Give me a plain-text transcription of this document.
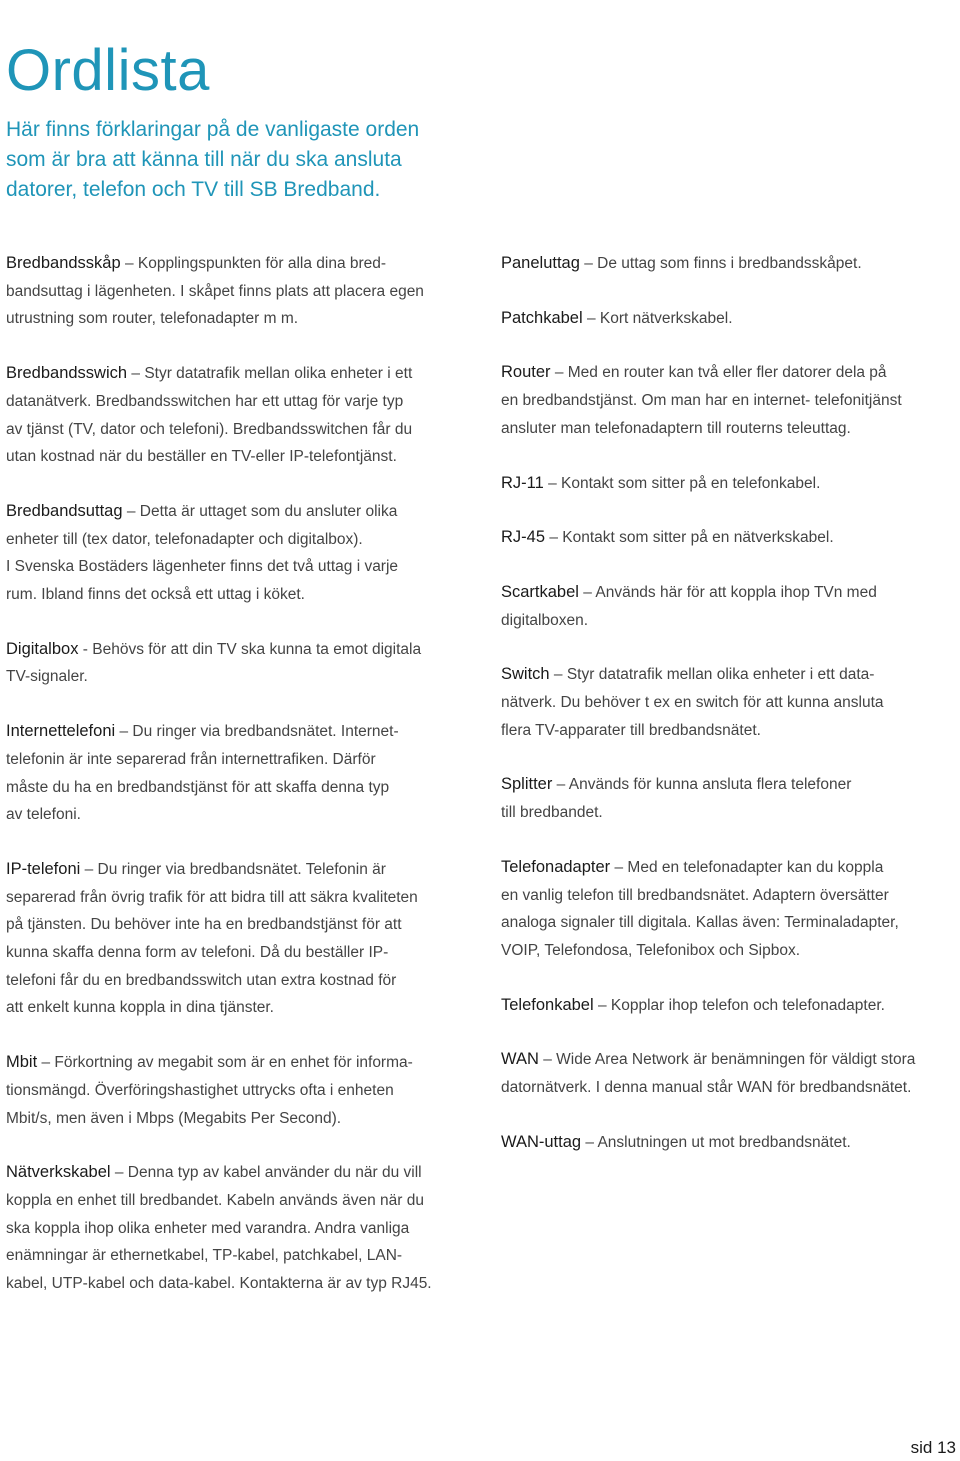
Ordlista
Här finns förklaringar på de vanligaste orden
som är bra att känna till när du ska ansluta
datorer, telefon och TV till SB Bredband.
Bredbandsskåp – Kopplingspunkten för alla dina bred-
bandsuttag i lägenheten. I skåpet finns plats att placera egen
utrustning som router, telefonadapter m m.
Bredbandsswich – Styr datatrafik mellan olika enheter i ett
datanätverk. Bredbandsswitchen har ett uttag för varje typ
av tjänst (TV, dator och telefoni). Bredbandsswitchen får du
utan kostnad när du beställer en TV-eller IP-telefontjänst.
Bredbandsuttag – Detta är uttaget som du ansluter olika
enheter till (tex dator, telefonadapter och digitalbox).
I Svenska Bostäders lägenheter finns det två uttag i varje
rum. Ibland finns det också ett uttag i köket.
Digitalbox - Behövs för att din TV ska kunna ta emot digitala
TV-signaler.
Internettelefoni – Du ringer via bredbandsnätet. Internet-
telefonin är inte separerad från internettrafiken. Därför
måste du ha en bredbandstjänst för att skaffa denna typ
av telefoni.
IP-telefoni – Du ringer via bredbandsnätet. Telefonin är
separerad från övrig trafik för att bidra till att säkra kvaliteten
på tjänsten. Du behöver inte ha en bredbandstjänst för att
kunna skaffa denna form av telefoni. Då du beställer IP-
telefoni får du en bredbandsswitch utan extra kostnad för
att enkelt kunna koppla in dina tjänster.
Mbit – Förkortning av megabit som är en enhet för informa-
tionsmängd. Överföringshastighet uttrycks ofta i enheten
Mbit/s, men även i Mbps (Megabits Per Second).
Nätverkskabel – Denna typ av kabel använder du när du vill
koppla en enhet till bredbandet. Kabeln används även när du
ska koppla ihop olika enheter med varandra. Andra vanliga
enämningar är ethernetkabel, TP-kabel, patchkabel, LAN-
kabel, UTP-kabel och data-kabel. Kontakterna är av typ RJ45.
Paneluttag – De uttag som finns i bredbandsskåpet.
Patchkabel – Kort nätverkskabel.
Router – Med en router kan två eller fler datorer dela på
en bredbandstjänst. Om man har en internet- telefonitjänst
ansluter man telefonadaptern till routerns teleuttag.
RJ-11 – Kontakt som sitter på en telefonkabel.
RJ-45 – Kontakt som sitter på en nätverkskabel.
Scartkabel – Används här för att koppla ihop TVn med
digitalboxen.
Switch – Styr datatrafik mellan olika enheter i ett data-
nätverk. Du behöver t ex en switch för att kunna ansluta
flera TV-apparater till bredbandsnätet.
Splitter – Används för kunna ansluta flera telefoner
till bredbandet.
Telefonadapter – Med en telefonadapter kan du koppla
en vanlig telefon till bredbandsnätet. Adaptern översätter
analoga signaler till digitala. Kallas även: Terminaladapter,
VOIP, Telefondosa, Telefonibox och Sipbox.
Telefonkabel – Kopplar ihop telefon och telefonadapter.
WAN – Wide Area Network är benämningen för väldigt stora
datornätverk. I denna manual står WAN för bredbandsnätet.
WAN-uttag – Anslutningen ut mot bredbandsnätet.
sid 13
